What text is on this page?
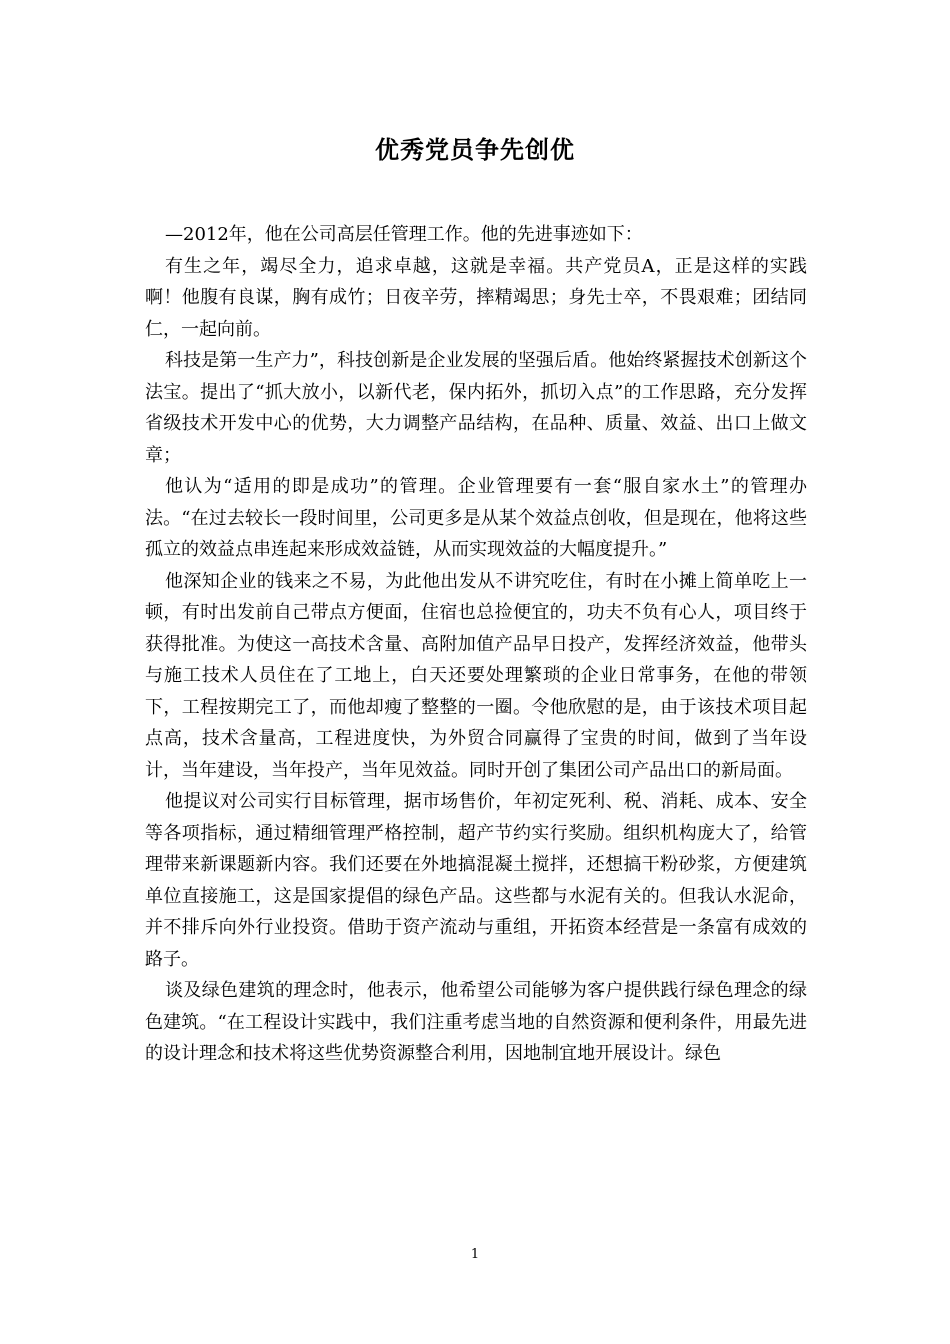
优秀党员争先创优

—2012年，他在公司高层任管理工作。他的先进事迹如下：

有生之年，竭尽全力，追求卓越，这就是幸福。共产党员A，正是这样的实践啊！他腹有良谋，胸有成竹；日夜辛劳，摔精竭思；身先士卒，不畏艰难；团结同仁，一起向前。

科技是第一生产力”，科技创新是企业发展的坚强后盾。他始终紧握技术创新这个法宝。提出了“抓大放小，以新代老，保内拓外，抓切入点”的工作思路，充分发挥省级技术开发中心的优势，大力调整产品结构，在品种、质量、效益、出口上做文章；

他认为“适用的即是成功”的管理。企业管理要有一套“服自家水土”的管理办法。“在过去较长一段时间里，公司更多是从某个效益点创收，但是现在，他将这些孤立的效益点串连起来形成效益链，从而实现效益的大幅度提升。”

他深知企业的钱来之不易，为此他出发从不讲究吃住，有时在小摊上简单吃上一顿，有时出发前自己带点方便面，住宿也总捡便宜的，功夫不负有心人，项目终于获得批准。为使这一高技术含量、高附加值产品早日投产，发挥经济效益，他带头与施工技术人员住在了工地上，白天还要处理繁琐的企业日常事务，在他的带领下，工程按期完工了，而他却瘦了整整的一圈。令他欣慰的是，由于该技术项目起点高，技术含量高，工程进度快，为外贸合同赢得了宝贵的时间，做到了当年设计，当年建设，当年投产，当年见效益。同时开创了集团公司产品出口的新局面。

他提议对公司实行目标管理，据市场售价，年初定死利、税、消耗、成本、安全等各项指标，通过精细管理严格控制，超产节约实行奖励。组织机构庞大了，给管理带来新课题新内容。我们还要在外地搞混凝土搅拌，还想搞干粉砂浆，方便建筑单位直接施工，这是国家提倡的绿色产品。这些都与水泥有关的。但我认水泥命，并不排斥向外行业投资。借助于资产流动与重组，开拓资本经营是一条富有成效的路子。

谈及绿色建筑的理念时，他表示，他希望公司能够为客户提供践行绿色理念的绿色建筑。“在工程设计实践中，我们注重考虑当地的自然资源和便利条件，用最先进的设计理念和技术将这些优势资源整合利用，因地制宜地开展设计。绿色

1
